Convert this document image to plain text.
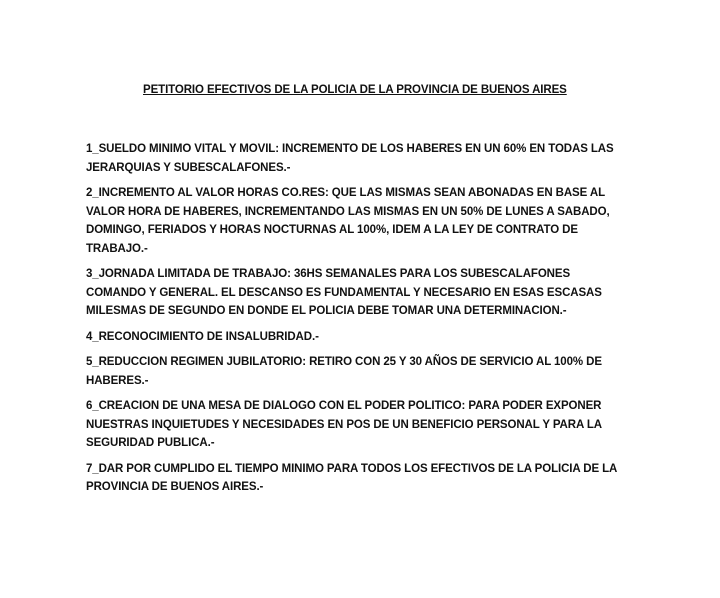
PETITORIO EFECTIVOS DE LA POLICIA DE LA PROVINCIA DE BUENOS AIRES

1_SUELDO MINIMO VITAL Y MOVIL: INCREMENTO DE LOS HABERES EN UN 60% EN TODAS LAS JERARQUIAS Y SUBESCALAFONES.-

2_INCREMENTO AL VALOR HORAS CO.RES: QUE LAS MISMAS SEAN ABONADAS EN BASE AL VALOR HORA DE HABERES, INCREMENTANDO LAS MISMAS EN UN 50% DE LUNES A SABADO, DOMINGO, FERIADOS Y HORAS NOCTURNAS AL 100%, IDEM A LA LEY DE CONTRATO DE TRABAJO.-

3_JORNADA LIMITADA DE TRABAJO: 36HS SEMANALES PARA LOS SUBESCALAFONES COMANDO Y GENERAL. EL DESCANSO ES FUNDAMENTAL Y NECESARIO EN ESAS ESCASAS MILESMAS DE SEGUNDO EN DONDE EL POLICIA DEBE TOMAR UNA DETERMINACION.-

4_RECONOCIMIENTO DE INSALUBRIDAD.-

5_REDUCCION REGIMEN JUBILATORIO: RETIRO CON 25 Y 30 AÑOS DE SERVICIO AL 100% DE HABERES.-

6_CREACION DE UNA MESA DE DIALOGO CON EL PODER POLITICO: PARA PODER EXPONER NUESTRAS INQUIETUDES Y NECESIDADES EN POS DE UN BENEFICIO PERSONAL Y PARA LA SEGURIDAD PUBLICA.-

7_DAR POR CUMPLIDO EL TIEMPO MINIMO PARA TODOS LOS EFECTIVOS DE LA POLICIA DE LA PROVINCIA DE BUENOS AIRES.-
